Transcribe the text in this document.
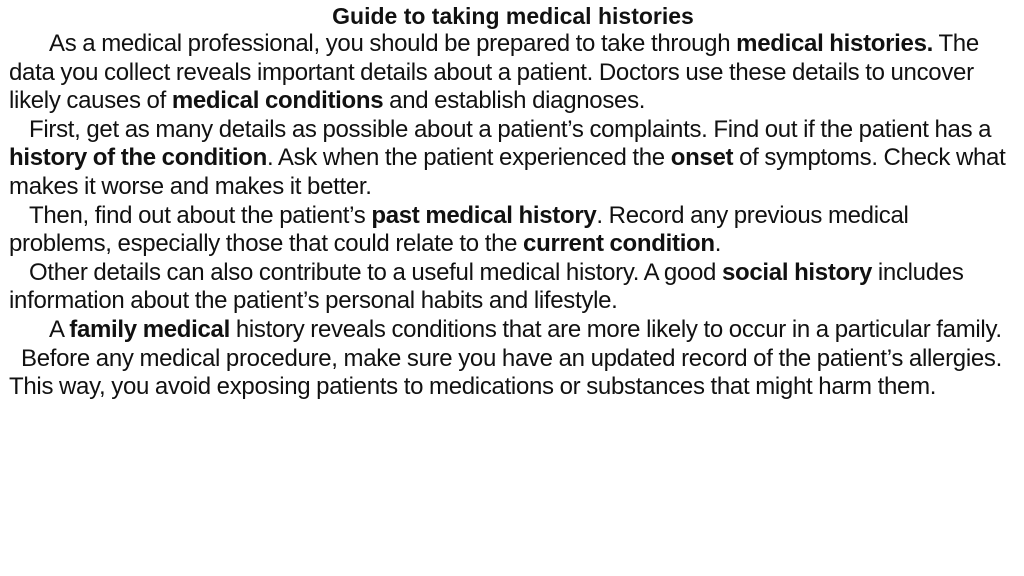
Guide to taking medical histories

As a medical professional, you should be prepared to take through medical histories. The data you collect reveals important details about a patient. Doctors use these details to uncover likely causes of medical conditions and establish diagnoses.

First, get as many details as possible about a patient’s complaints. Find out if the patient has a history of the condition. Ask when the patient experienced the onset of symptoms. Check what makes it worse and makes it better.

Then, find out about the patient’s past medical history. Record any previous medical problems, especially those that could relate to the current condition.

Other details can also contribute to a useful medical history. A good social history includes information about the patient’s personal habits and lifestyle.

A family medical history reveals conditions that are more likely to occur in a particular family.

Before any medical procedure, make sure you have an updated record of the patient’s allergies. This way, you avoid exposing patients to medications or substances that might harm them.
